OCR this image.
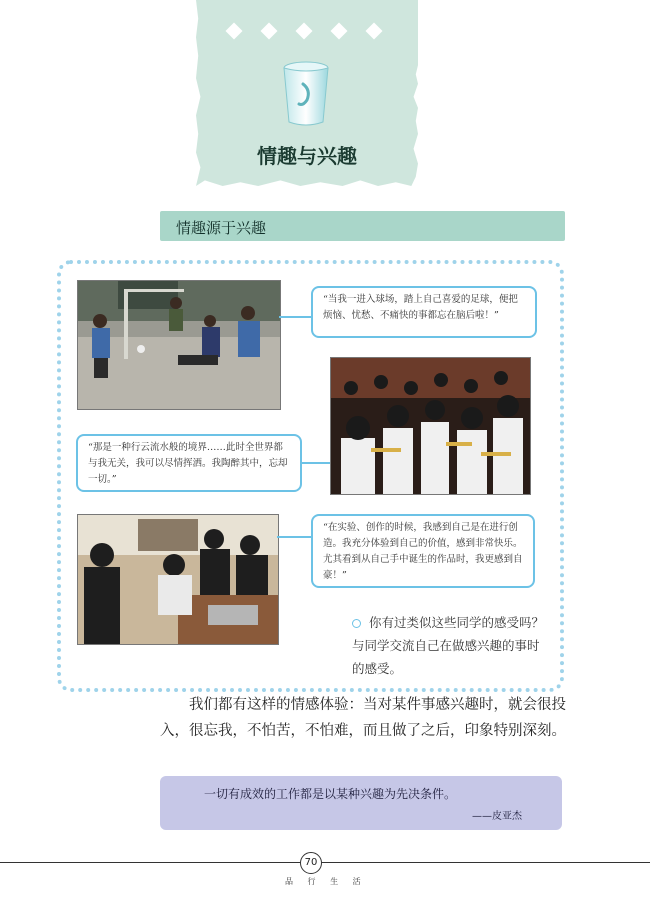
情趣与兴趣
情趣源于兴趣
“当我一进入球场，踏上自己喜爱的足球，便把烦恼、忧愁、不痛快的事都忘在脑后啦！”
“那是一种行云流水般的境界……此时全世界都与我无关，我可以尽情挥洒。我陶醉其中，忘却一切。”
“在实验、创作的时候，我感到自己是在进行创造。我充分体验到自己的价值，感到非常快乐。尤其看到从自己手中诞生的作品时，我更感到自豪！”
你有过类似这些同学的感受吗？与同学交流自己在做感兴趣的事时的感受。
我们都有这样的情感体验：当对某件事感兴趣时，就会很投入，很忘我，不怕苦，不怕难，而且做了之后，印象特别深刻。
一切有成效的工作都是以某种兴趣为先决条件。
——皮亚杰
70
品 行 生 活
